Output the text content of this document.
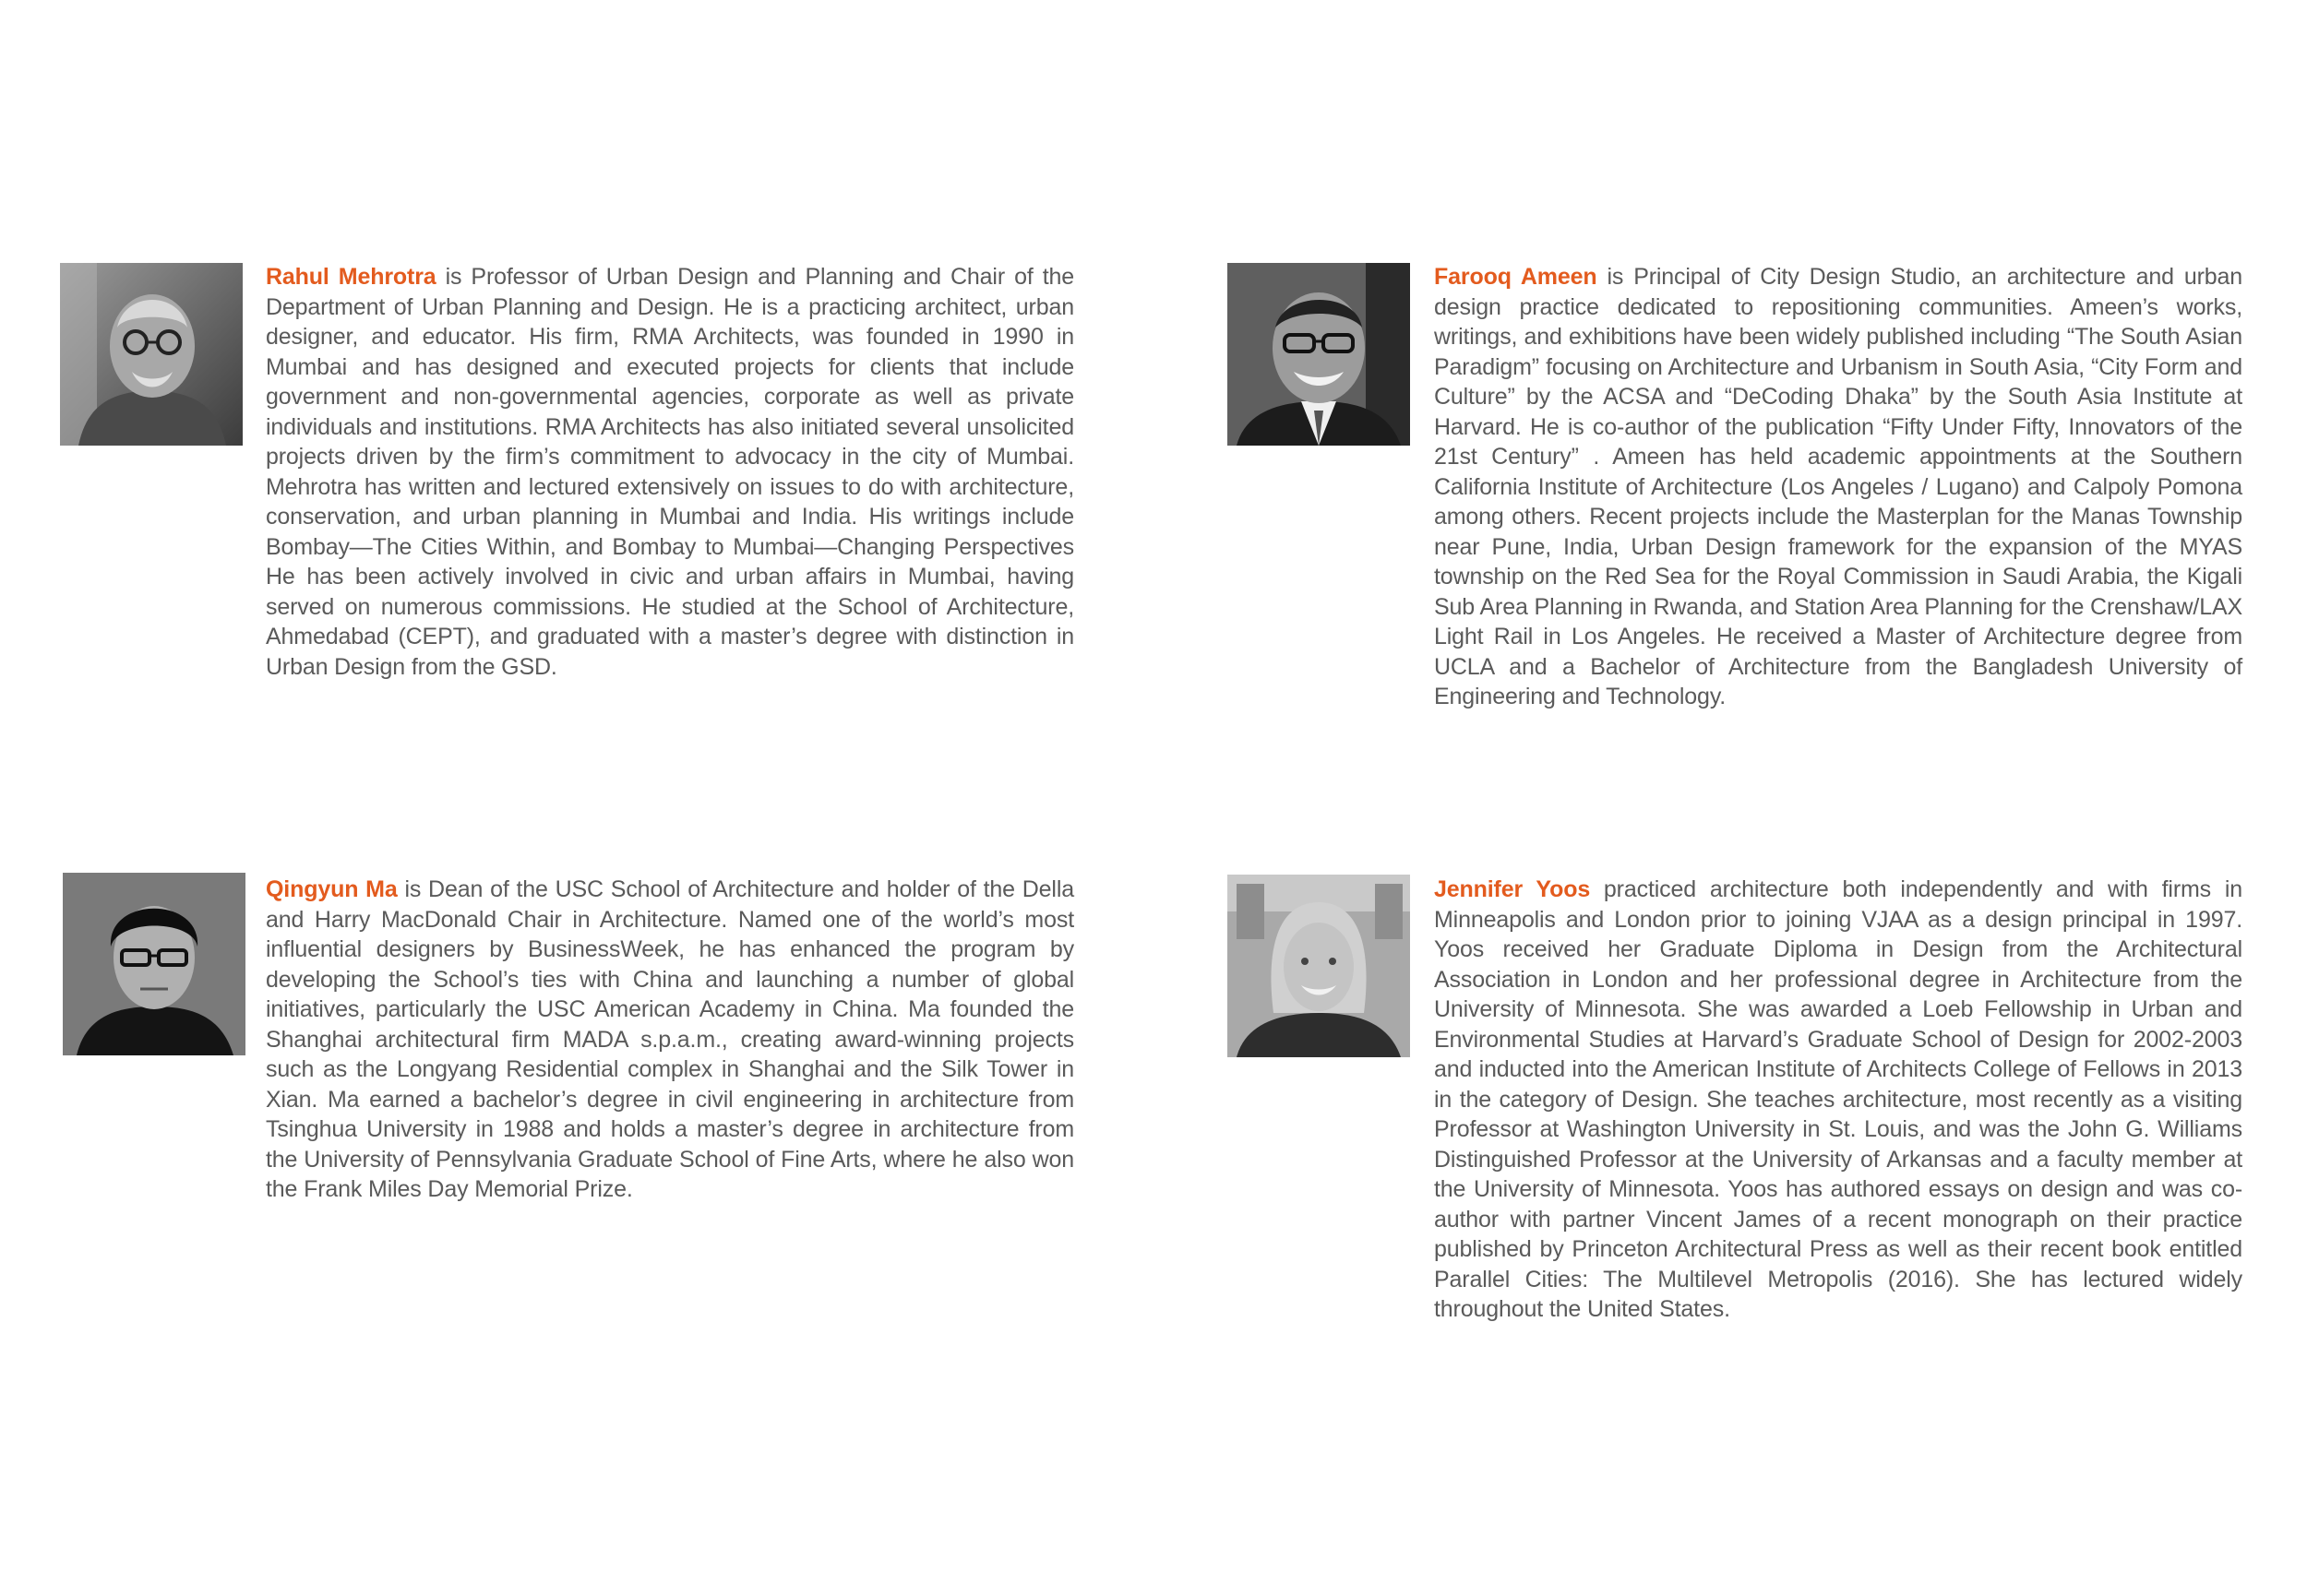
Rahul Mehrotra is Professor of Urban Design and Planning and Chair of the Department of Urban Planning and Design. He is a practicing architect, urban designer, and educator. His firm, RMA Architects, was founded in 1990 in Mumbai and has designed and executed projects for clients that include government and non-governmental agencies, corporate as well as private individuals and institutions. RMA Architects has also initiated several unsolicited projects driven by the firm’s commitment to advocacy in the city of Mumbai. Mehrotra has written and lectured extensively on issues to do with architecture, conservation, and urban planning in Mumbai and India. His writings include Bombay—The Cities Within, and Bombay to Mumbai—Changing Perspectives He has been actively involved in civic and urban affairs in Mumbai, having served on numerous commissions. He studied at the School of Architecture, Ahmedabad (CEPT), and graduated with a master’s degree with distinction in Urban Design from the GSD.

Farooq Ameen is Principal of City Design Studio, an architecture and urban design practice dedicated to repositioning communities. Ameen’s works, writings, and exhibitions have been widely published including “The South Asian Paradigm” focusing on Architecture and Urbanism in South Asia, “City Form and Culture” by the ACSA and “DeCoding Dhaka” by the South Asia Institute at Harvard. He is co-author of the publication “Fifty Under Fifty, Innovators of the 21st Century” . Ameen has held academic appointments at the Southern California Institute of Architecture (Los Angeles / Lugano) and Calpoly Pomona among others. Recent projects include the Masterplan for the Manas Township near Pune, India, Urban Design framework for the expansion of the MYAS township on the Red Sea for the Royal Commission in Saudi Arabia, the Kigali Sub Area Planning in Rwanda, and Station Area Planning for the Crenshaw/LAX Light Rail in Los Angeles. He received a Master of Architecture degree from UCLA and a Bachelor of Architecture from the Bangladesh University of Engineering and Technology.

Qingyun Ma is Dean of the USC School of Architecture and holder of the Della and Harry MacDonald Chair in Architecture. Named one of the world’s most influential designers by BusinessWeek, he has enhanced the program by developing the School’s ties with China and launching a number of global initiatives, particularly the USC American Academy in China. Ma founded the Shanghai architectural firm MADA s.p.a.m., creating award-winning projects such as the Longyang Residential complex in Shanghai and the Silk Tower in Xian. Ma earned a bachelor’s degree in civil engineering in architecture from Tsinghua University in 1988 and holds a master’s degree in architecture from the University of Pennsylvania Graduate School of Fine Arts, where he also won the Frank Miles Day Memorial Prize.

Jennifer Yoos practiced architecture both independently and with firms in Minneapolis and London prior to joining VJAA as a design principal in 1997. Yoos received her Graduate Diploma in Design from the Architectural Association in London and her professional degree in Architecture from the University of Minnesota. She was awarded a Loeb Fellowship in Urban and Environmental Studies at Harvard’s Graduate School of Design for 2002-2003 and inducted into the American Institute of Architects College of Fellows in 2013 in the category of Design. She teaches architecture, most recently as a visiting Professor at Washington University in St. Louis, and was the John G. Williams Distinguished Professor at the University of Arkansas and a faculty member at the University of Minnesota. Yoos has authored essays on design and was co-author with partner Vincent James of a recent monograph on their practice published by Princeton Architectural Press as well as their recent book entitled Parallel Cities: The Multilevel Metropolis (2016). She has lectured widely throughout the United States.
